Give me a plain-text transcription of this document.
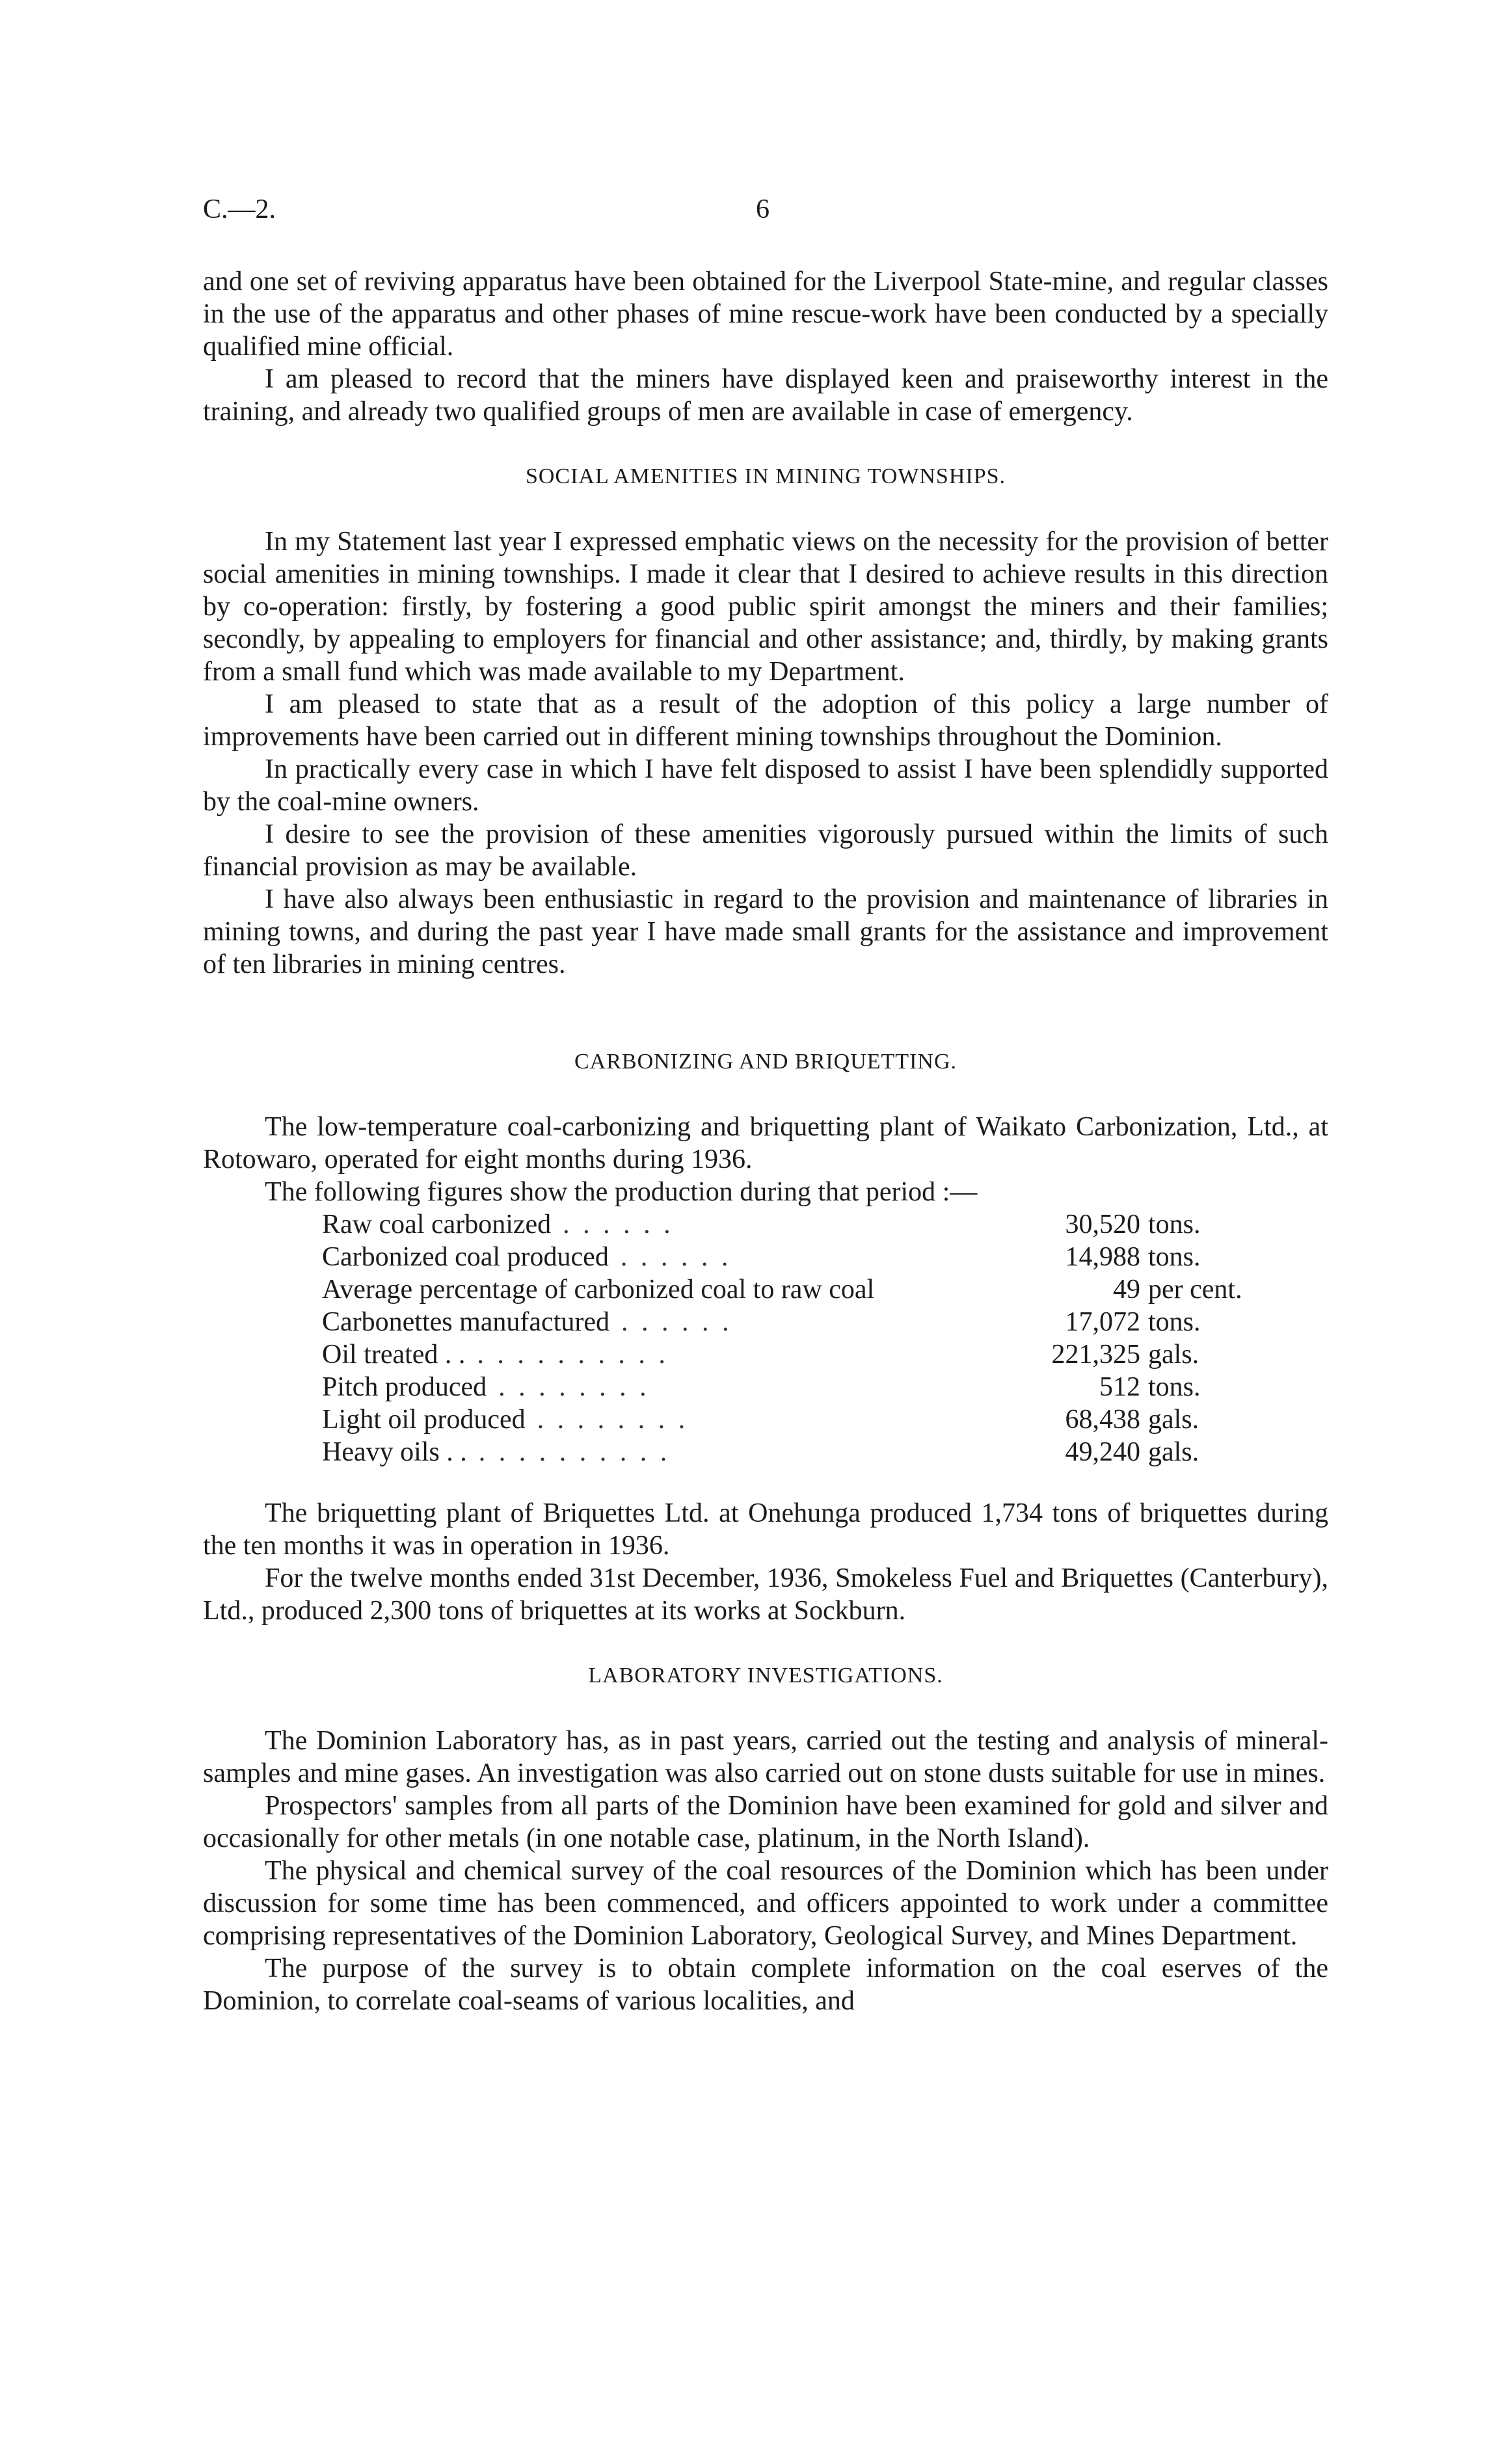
C.—2.	6

and one set of reviving apparatus have been obtained for the Liverpool State-mine, and regular classes in the use of the apparatus and other phases of mine rescue-work have been conducted by a specially qualified mine official.

I am pleased to record that the miners have displayed keen and praiseworthy interest in the training, and already two qualified groups of men are available in case of emergency.

SOCIAL AMENITIES IN MINING TOWNSHIPS.

In my Statement last year I expressed emphatic views on the necessity for the provision of better social amenities in mining townships. I made it clear that I desired to achieve results in this direction by co-operation: firstly, by fostering a good public spirit amongst the miners and their families; secondly, by appealing to employers for financial and other assistance; and, thirdly, by making grants from a small fund which was made available to my Department.

I am pleased to state that as a result of the adoption of this policy a large number of improvements have been carried out in different mining townships throughout the Dominion.

In practically every case in which I have felt disposed to assist I have been splendidly supported by the coal-mine owners.

I desire to see the provision of these amenities vigorously pursued within the limits of such financial provision as may be available.

I have also always been enthusiastic in regard to the provision and maintenance of libraries in mining towns, and during the past year I have made small grants for the assistance and improvement of ten libraries in mining centres.

CARBONIZING AND BRIQUETTING.

The low-temperature coal-carbonizing and briquetting plant of Waikato Carbonization, Ltd., at Rotowaro, operated for eight months during 1936.

The following figures show the production during that period :—

Raw coal carbonized . . . . . .	30,520 tons.
Carbonized coal produced . . . . . .	14,988 tons.
Average percentage of carbonized coal to raw coal	49 per cent.
Carbonettes manufactured . . . . . .	17,072 tons.
Oil treated . . . . . . . . . . . .	221,325 gals.
Pitch produced . . . . . . . .	512 tons.
Light oil produced . . . . . . . .	68,438 gals.
Heavy oils . . . . . . . . . . . .	49,240 gals.

The briquetting plant of Briquettes Ltd. at Onehunga produced 1,734 tons of briquettes during the ten months it was in operation in 1936.

For the twelve months ended 31st December, 1936, Smokeless Fuel and Briquettes (Canterbury), Ltd., produced 2,300 tons of briquettes at its works at Sockburn.

LABORATORY INVESTIGATIONS.

The Dominion Laboratory has, as in past years, carried out the testing and analysis of mineral-samples and mine gases. An investigation was also carried out on stone dusts suitable for use in mines.

Prospectors' samples from all parts of the Dominion have been examined for gold and silver and occasionally for other metals (in one notable case, platinum, in the North Island).

The physical and chemical survey of the coal resources of the Dominion which has been under discussion for some time has been commenced, and officers appointed to work under a committee comprising representatives of the Dominion Laboratory, Geological Survey, and Mines Department.

The purpose of the survey is to obtain complete information on the coal eserves of the Dominion, to correlate coal-seams of various localities, and
